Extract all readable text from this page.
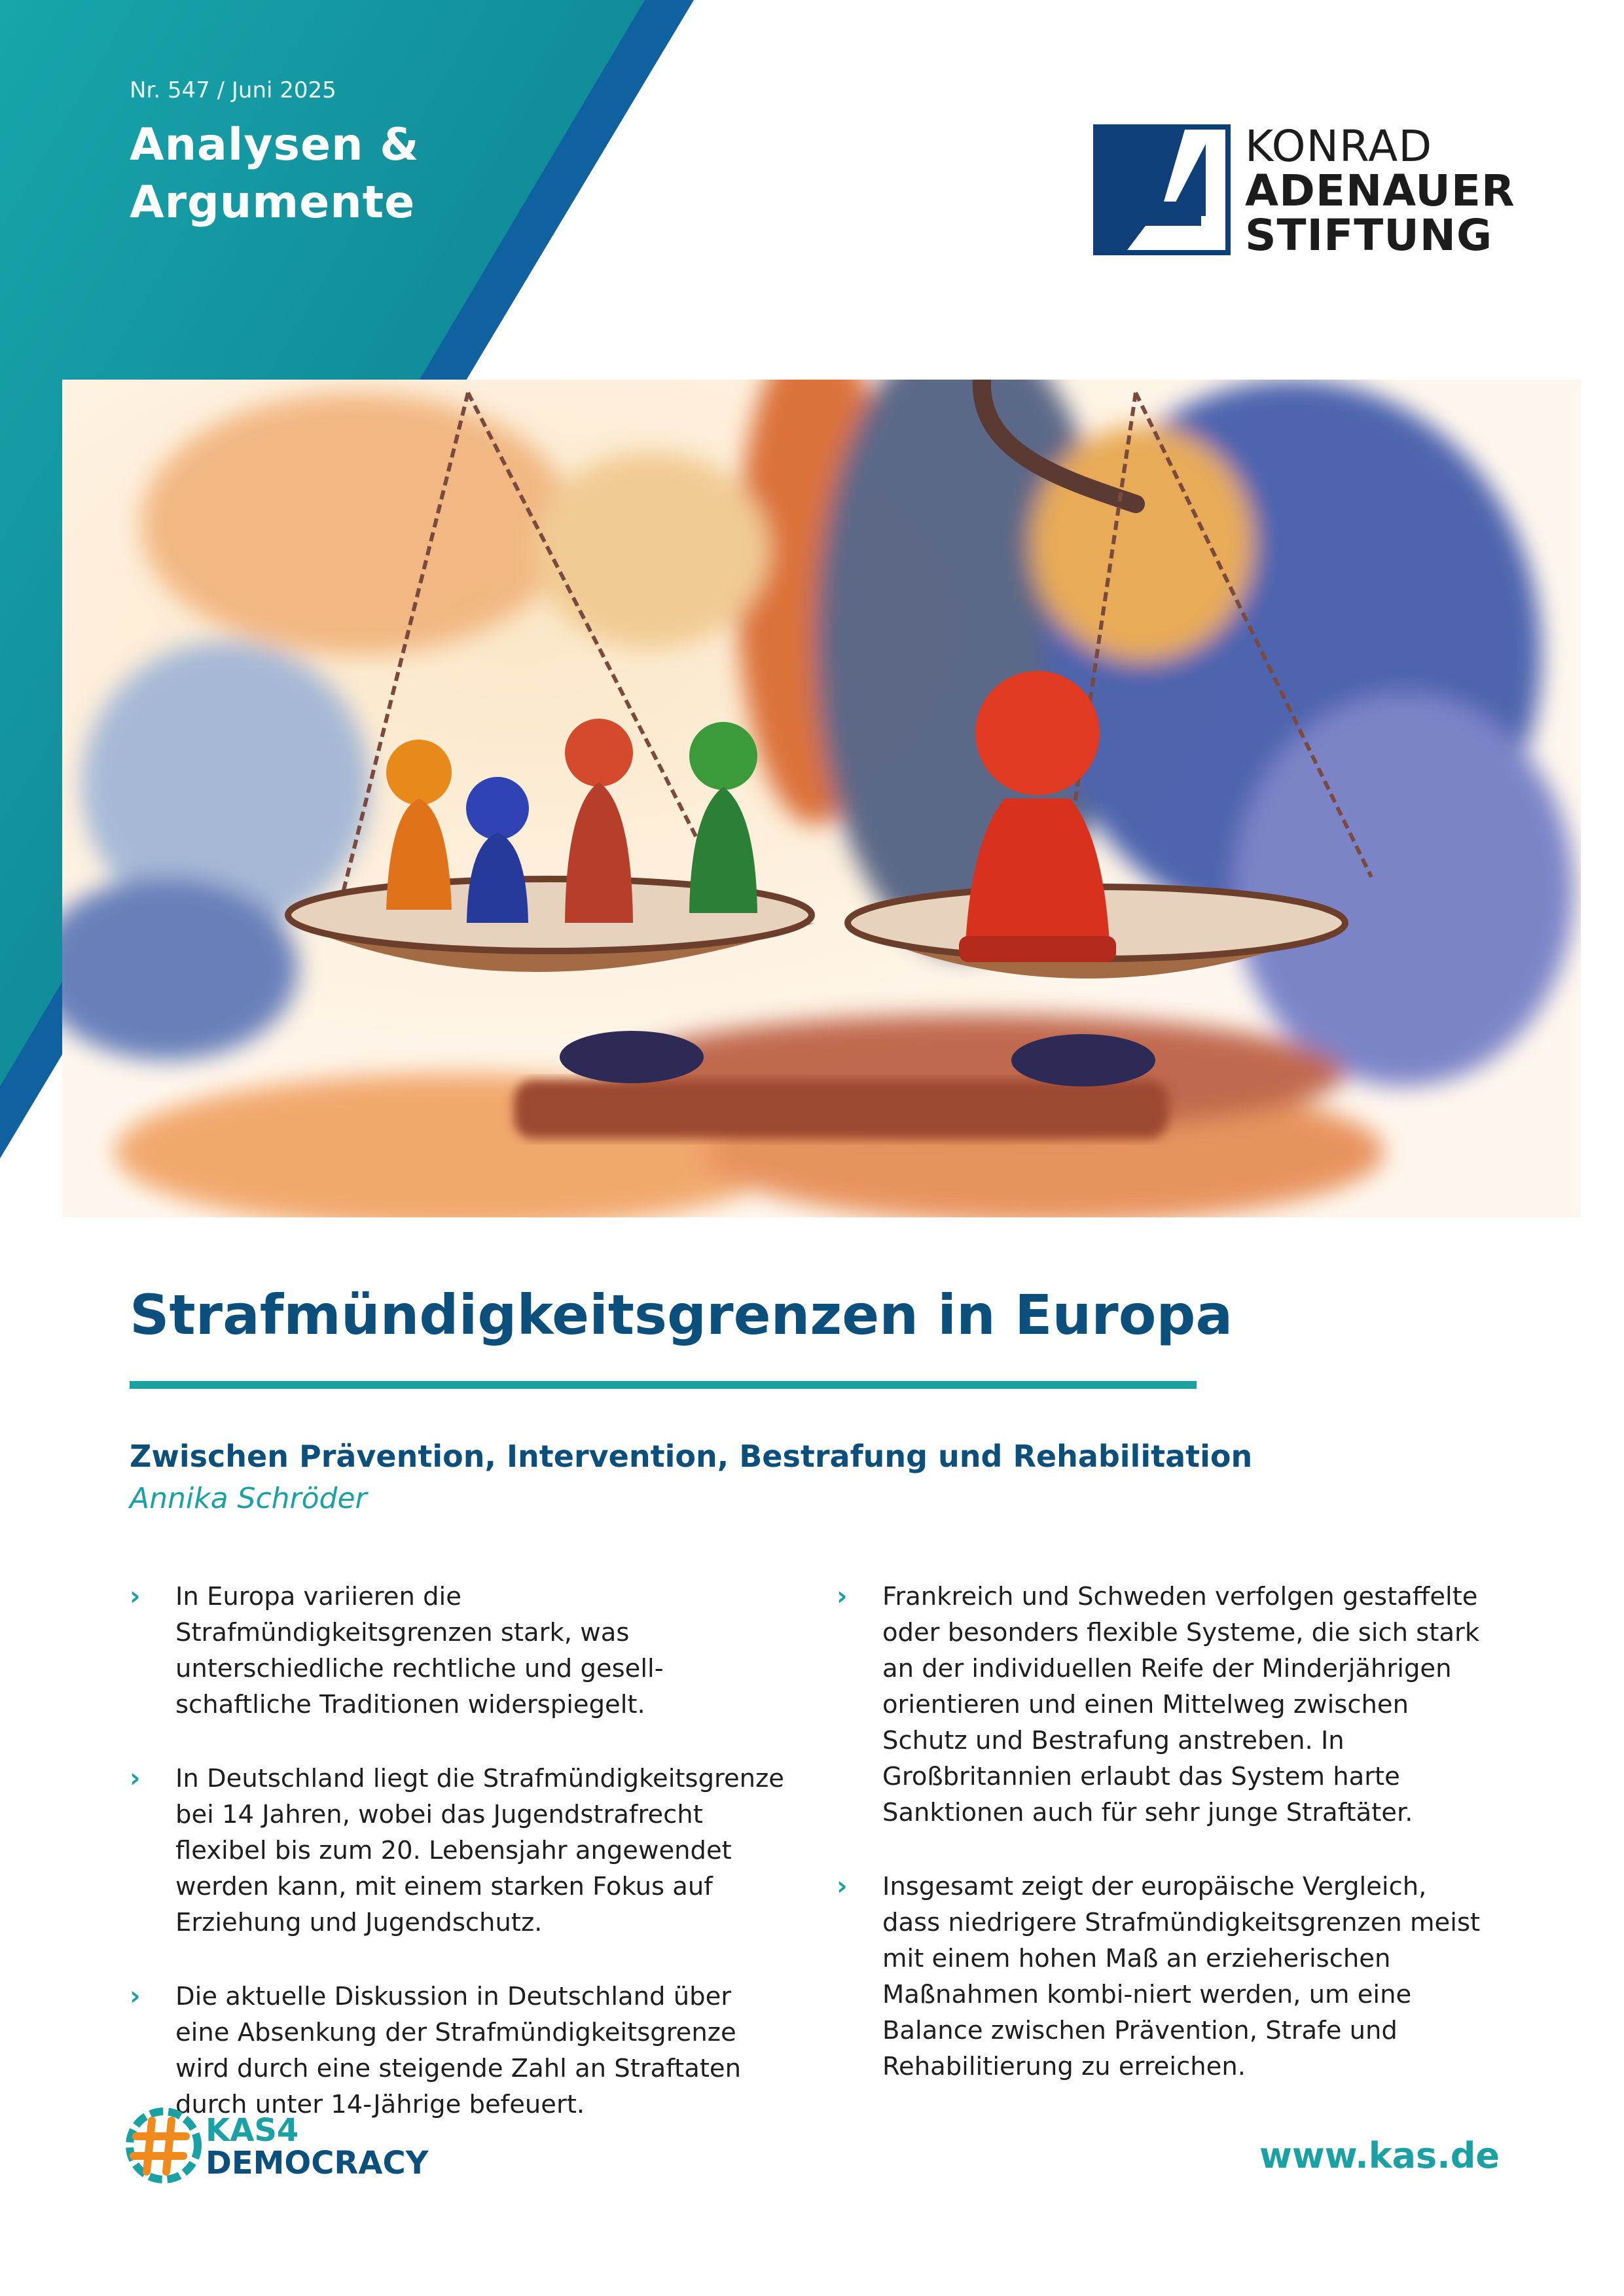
Nr. 547 / Juni 2025
Analysen &
Argumente
KONRAD
ADENAUER
STIFTUNG
Strafmündigkeitsgrenzen in Europa
Zwischen Prävention, Intervention, Bestrafung und Rehabilitation
Annika Schröder
› In Europa variieren die Strafmündigkeitsgrenzen stark, was unterschiedliche rechtliche und gesell-schaftliche Traditionen widerspiegelt.
› In Deutschland liegt die Strafmündigkeitsgrenze bei 14 Jahren, wobei das Jugendstrafrecht flexibel bis zum 20. Lebensjahr angewendet werden kann, mit einem starken Fokus auf Erziehung und Jugendschutz.
› Die aktuelle Diskussion in Deutschland über eine Absenkung der Strafmündigkeitsgrenze wird durch eine steigende Zahl an Straftaten durch unter 14-Jährige befeuert.
› Frankreich und Schweden verfolgen gestaffelte oder besonders flexible Systeme, die sich stark an der individuellen Reife der Minderjährigen orientieren und einen Mittelweg zwischen Schutz und Bestrafung anstreben. In Großbritannien erlaubt das System harte Sanktionen auch für sehr junge Straftäter.
› Insgesamt zeigt der europäische Vergleich, dass niedrigere Strafmündigkeitsgrenzen meist mit einem hohen Maß an erzieherischen Maßnahmen kombi-niert werden, um eine Balance zwischen Prävention, Strafe und Rehabilitierung zu erreichen.
KAS4
DEMOCRACY	www.kas.de
